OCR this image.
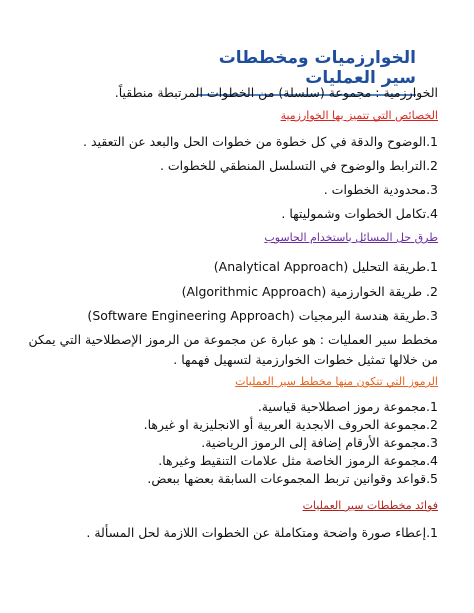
الخوارزميات ومخططات سير العمليات
الخوارزمية : مجموعة (سلسلة) من الخطوات المرتبطة منطقياً.
الخصائص التي تتميز بها الخوارزمية
1.الوضوح والدقة في كل خطوة من خطوات الحل والبعد عن التعقيد .
2.الترابط والوضوح في التسلسل المنطقي للخطوات .
3.محدودية الخطوات .
4.تكامل الخطوات وشموليتها .
طرق حل المسائل باستخدام الحاسوب
1.طريقة التحليل (Analytical Approach)
2. طريقة الخوارزمية (Algorithmic Approach)
3.طريقة هندسة البرمجيات (Software Engineering Approach)
مخطط سير العمليات : هو عبارة عن مجموعة من الرموز الإصطلاحية التي يمكن من خلالها تمثيل خطوات الخوارزمية لتسهيل فهمها .
الرموز التي تتكون منها مخطط سير العمليات
1.مجموعة رموز اصطلاحية قياسية.
2.مجموعة الحروف الابجدية العربية أو الانجليزية او غيرها.
3.مجموعة الأرقام إضافة إلى الرموز الرياضية.
4.مجموعة الرموز الخاصة مثل علامات التنقيط وغيرها.
5.قواعد وقوانين تربط المجموعات السابقة بعضها ببعض.
فوائد مخططات سير العمليات
1.إعطاء صورة واضحة ومتكاملة عن الخطوات اللازمة لحل المسألة .
